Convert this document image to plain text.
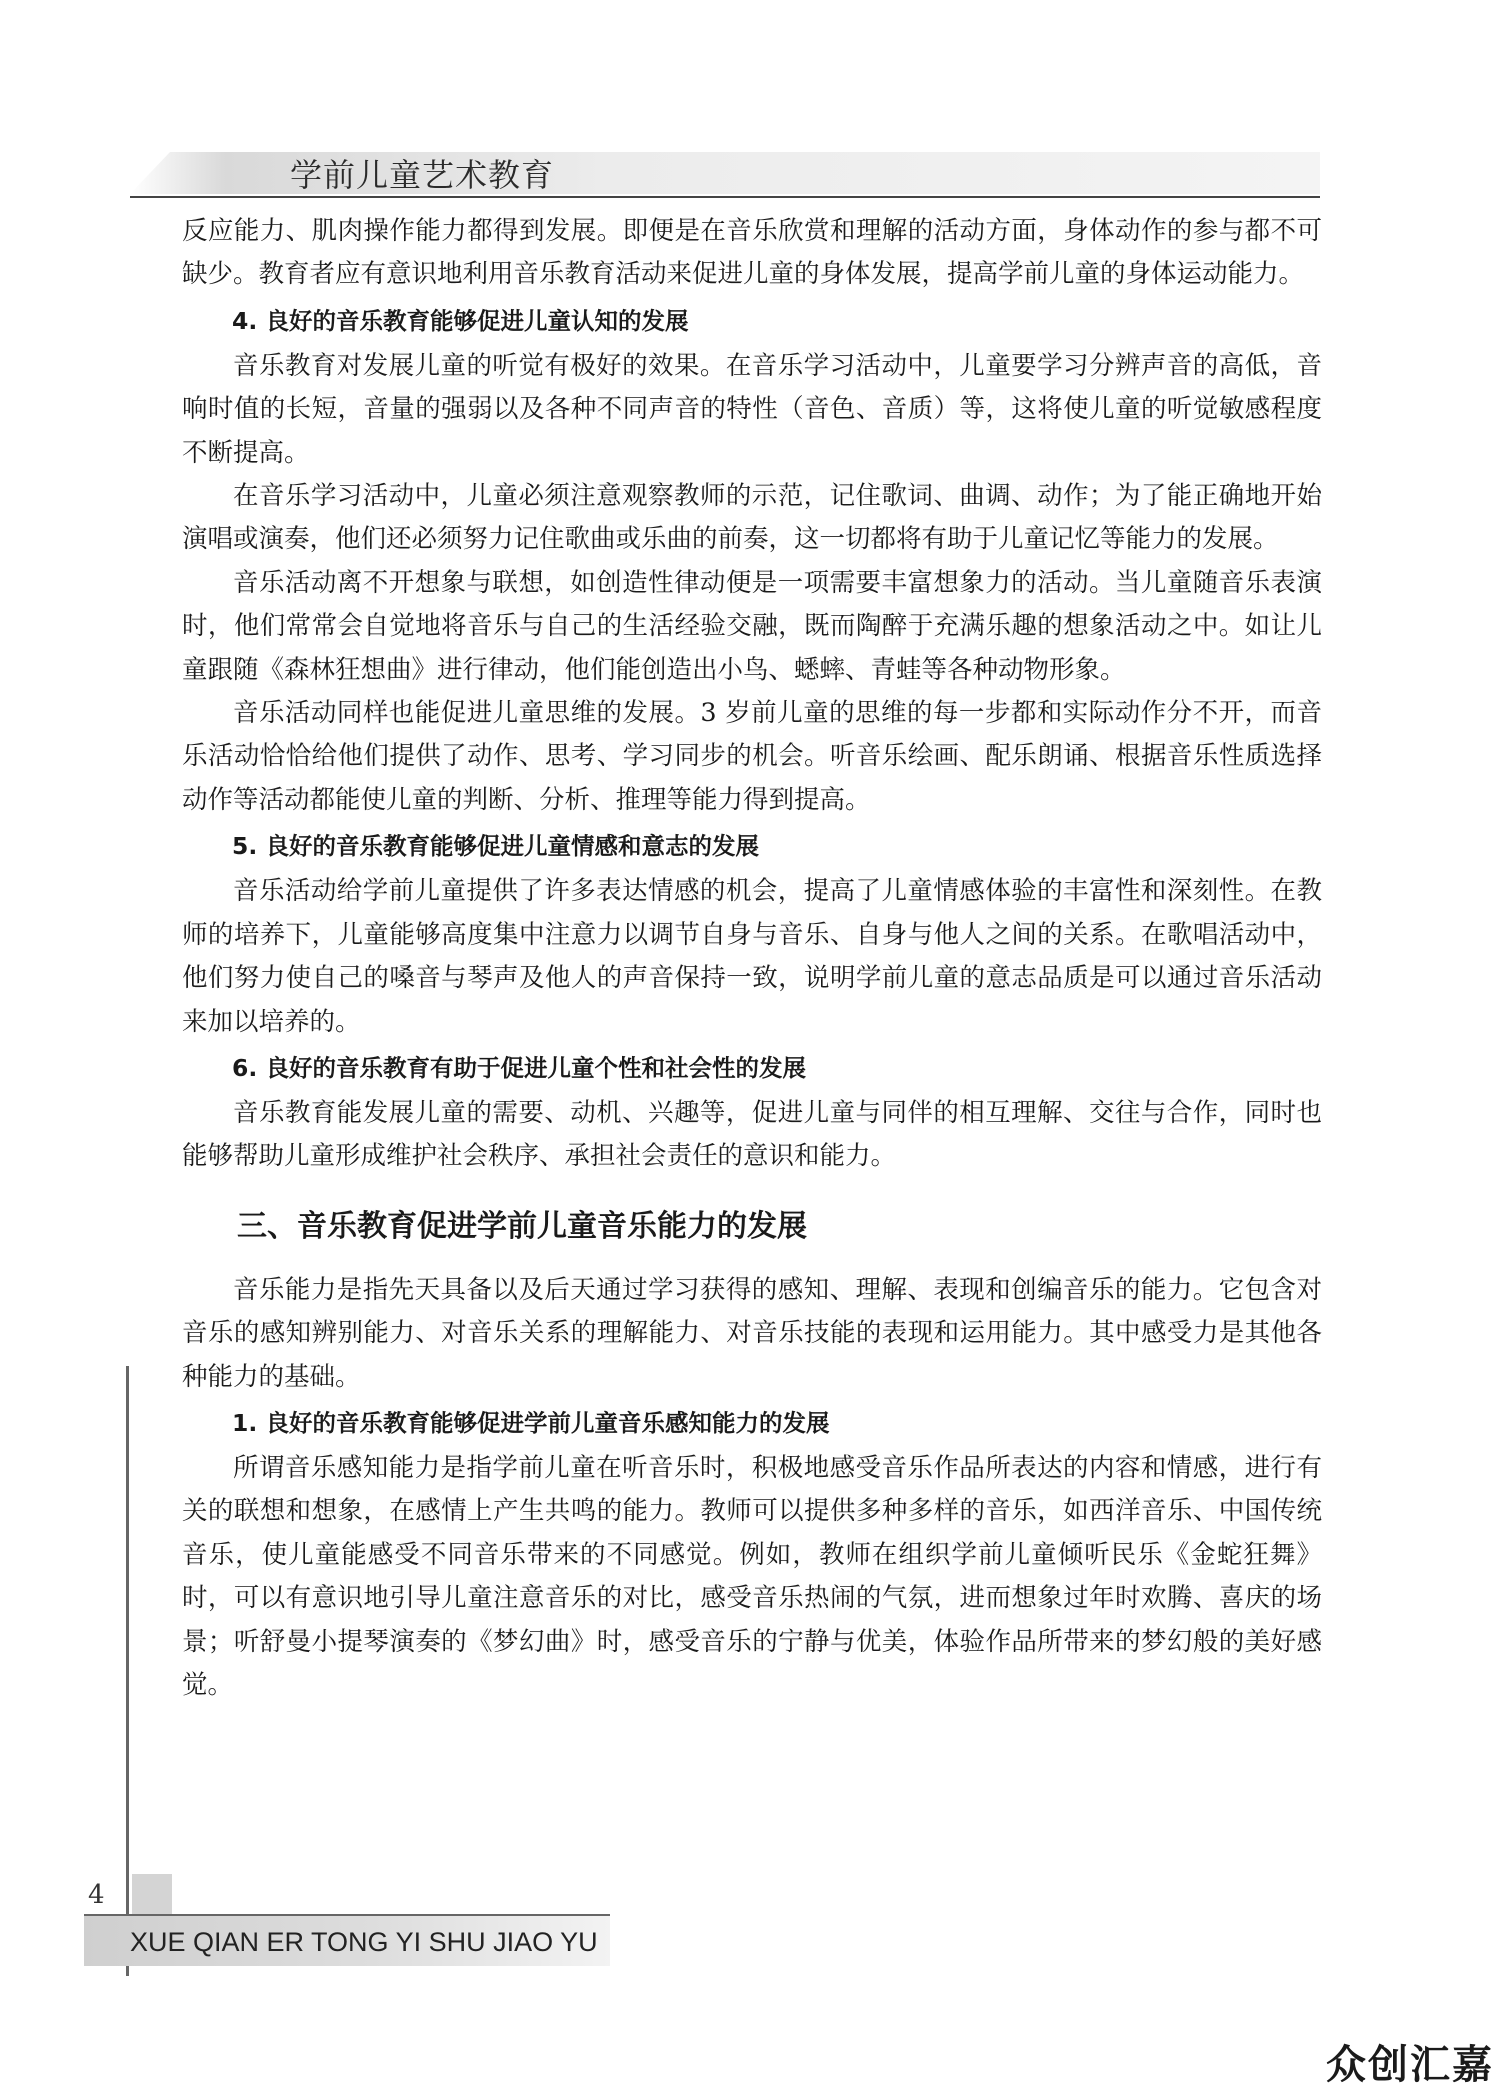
学前儿童艺术教育

反应能力、肌肉操作能力都得到发展。即便是在音乐欣赏和理解的活动方面，身体动作的参与都不可缺少。教育者应有意识地利用音乐教育活动来促进儿童的身体发展，提高学前儿童的身体运动能力。

4. 良好的音乐教育能够促进儿童认知的发展

音乐教育对发展儿童的听觉有极好的效果。在音乐学习活动中，儿童要学习分辨声音的高低，音响时值的长短，音量的强弱以及各种不同声音的特性（音色、音质）等，这将使儿童的听觉敏感程度不断提高。

在音乐学习活动中，儿童必须注意观察教师的示范，记住歌词、曲调、动作；为了能正确地开始演唱或演奏，他们还必须努力记住歌曲或乐曲的前奏，这一切都将有助于儿童记忆等能力的发展。

音乐活动离不开想象与联想，如创造性律动便是一项需要丰富想象力的活动。当儿童随音乐表演时，他们常常会自觉地将音乐与自己的生活经验交融，既而陶醉于充满乐趣的想象活动之中。如让儿童跟随《森林狂想曲》进行律动，他们能创造出小鸟、蟋蟀、青蛙等各种动物形象。

音乐活动同样也能促进儿童思维的发展。3 岁前儿童的思维的每一步都和实际动作分不开，而音乐活动恰恰给他们提供了动作、思考、学习同步的机会。听音乐绘画、配乐朗诵、根据音乐性质选择动作等活动都能使儿童的判断、分析、推理等能力得到提高。

5. 良好的音乐教育能够促进儿童情感和意志的发展

音乐活动给学前儿童提供了许多表达情感的机会，提高了儿童情感体验的丰富性和深刻性。在教师的培养下，儿童能够高度集中注意力以调节自身与音乐、自身与他人之间的关系。在歌唱活动中，他们努力使自己的嗓音与琴声及他人的声音保持一致，说明学前儿童的意志品质是可以通过音乐活动来加以培养的。

6. 良好的音乐教育有助于促进儿童个性和社会性的发展

音乐教育能发展儿童的需要、动机、兴趣等，促进儿童与同伴的相互理解、交往与合作，同时也能够帮助儿童形成维护社会秩序、承担社会责任的意识和能力。

三、音乐教育促进学前儿童音乐能力的发展

音乐能力是指先天具备以及后天通过学习获得的感知、理解、表现和创编音乐的能力。它包含对音乐的感知辨别能力、对音乐关系的理解能力、对音乐技能的表现和运用能力。其中感受力是其他各种能力的基础。

1. 良好的音乐教育能够促进学前儿童音乐感知能力的发展

所谓音乐感知能力是指学前儿童在听音乐时，积极地感受音乐作品所表达的内容和情感，进行有关的联想和想象，在感情上产生共鸣的能力。教师可以提供多种多样的音乐，如西洋音乐、中国传统音乐，使儿童能感受不同音乐带来的不同感觉。例如，教师在组织学前儿童倾听民乐《金蛇狂舞》时，可以有意识地引导儿童注意音乐的对比，感受音乐热闹的气氛，进而想象过年时欢腾、喜庆的场景；听舒曼小提琴演奏的《梦幻曲》时，感受音乐的宁静与优美，体验作品所带来的梦幻般的美好感觉。

4
XUE QIAN ER TONG YI SHU JIAO YU
众创汇嘉
